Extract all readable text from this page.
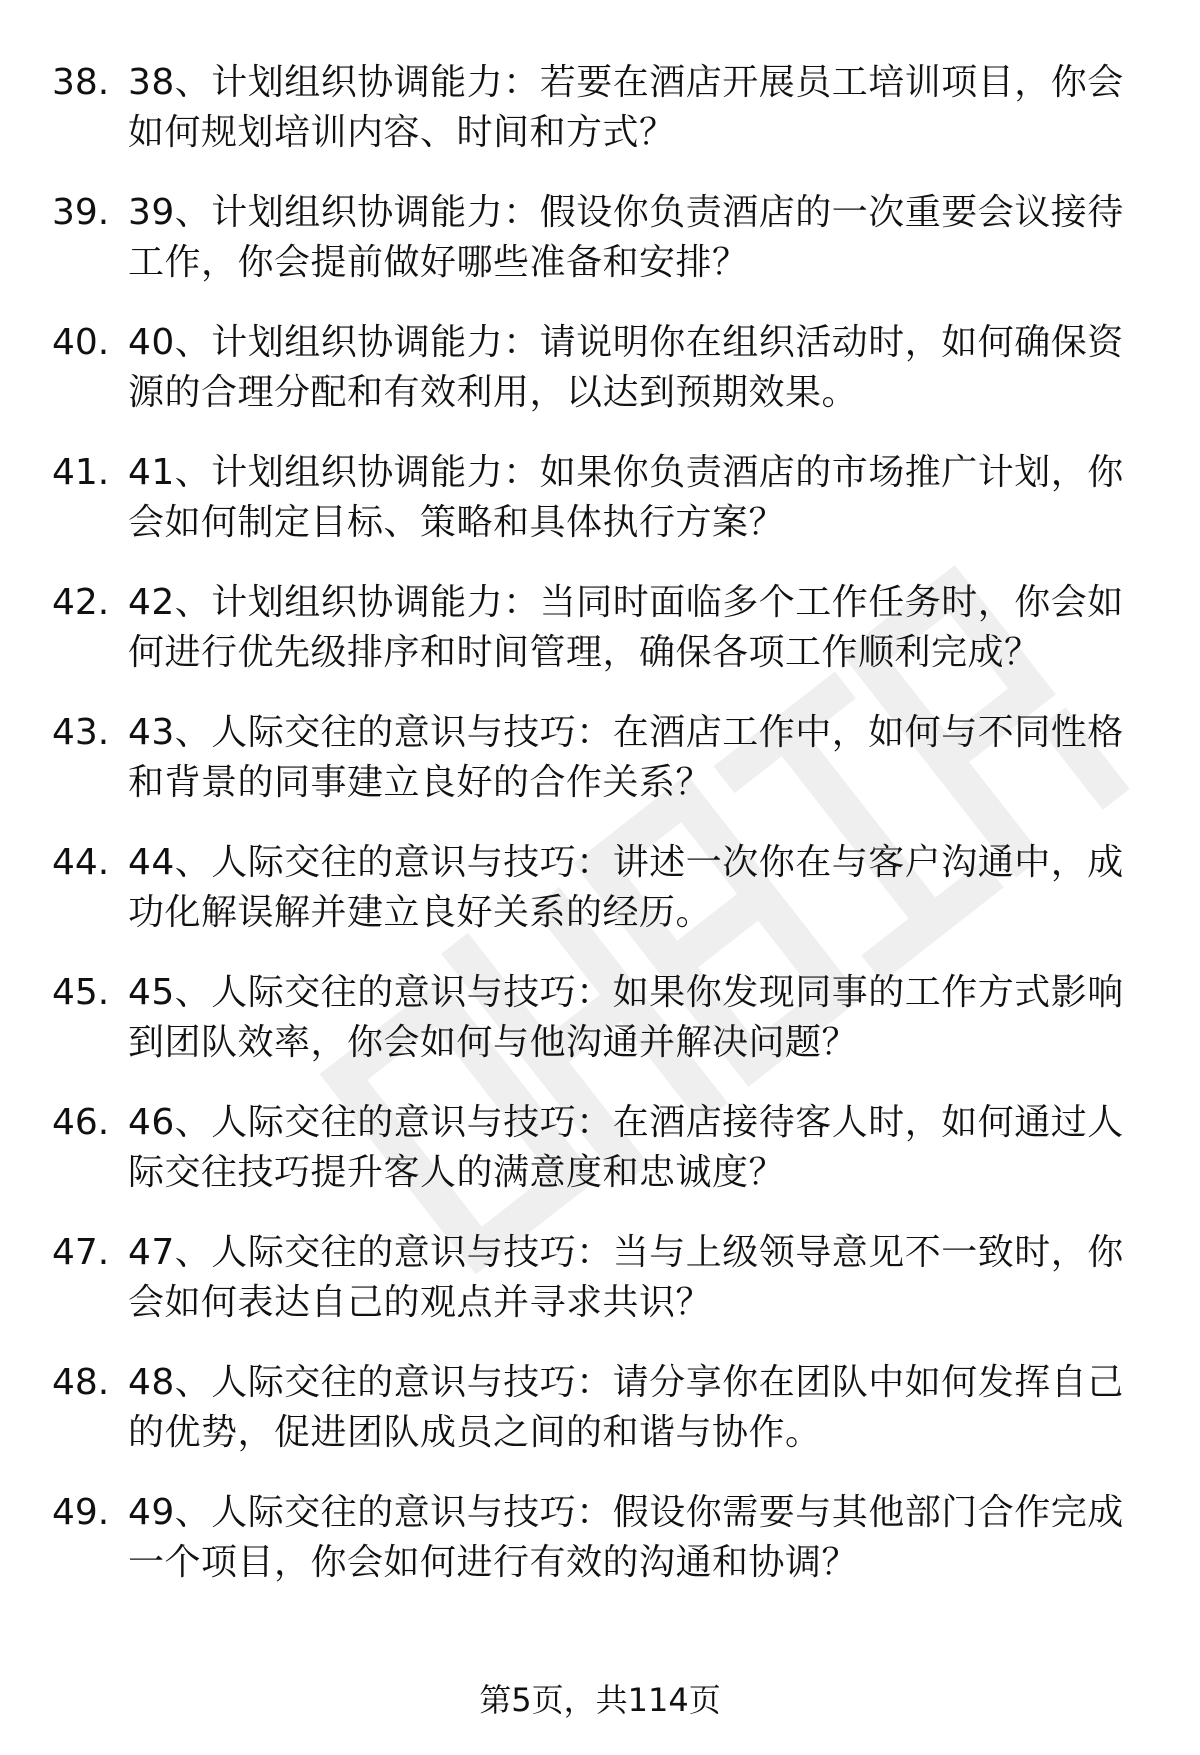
38. 38、计划组织协调能力：若要在酒店开展员工培训项目，你会如何规划培训内容、时间和方式？
39. 39、计划组织协调能力：假设你负责酒店的一次重要会议接待工作，你会提前做好哪些准备和安排？
40. 40、计划组织协调能力：请说明你在组织活动时，如何确保资源的合理分配和有效利用，以达到预期效果。
41. 41、计划组织协调能力：如果你负责酒店的市场推广计划，你会如何制定目标、策略和具体执行方案？
42. 42、计划组织协调能力：当同时面临多个工作任务时，你会如何进行优先级排序和时间管理，确保各项工作顺利完成？
43. 43、人际交往的意识与技巧：在酒店工作中，如何与不同性格和背景的同事建立良好的合作关系？
44. 44、人际交往的意识与技巧：讲述一次你在与客户沟通中，成功化解误解并建立良好关系的经历。
45. 45、人际交往的意识与技巧：如果你发现同事的工作方式影响到团队效率，你会如何与他沟通并解决问题？
46. 46、人际交往的意识与技巧：在酒店接待客人时，如何通过人际交往技巧提升客人的满意度和忠诚度？
47. 47、人际交往的意识与技巧：当与上级领导意见不一致时，你会如何表达自己的观点并寻求共识？
48. 48、人际交往的意识与技巧：请分享你在团队中如何发挥自己的优势，促进团队成员之间的和谐与协作。
49. 49、人际交往的意识与技巧：假设你需要与其他部门合作完成一个项目，你会如何进行有效的沟通和协调？
第5页，共114页
